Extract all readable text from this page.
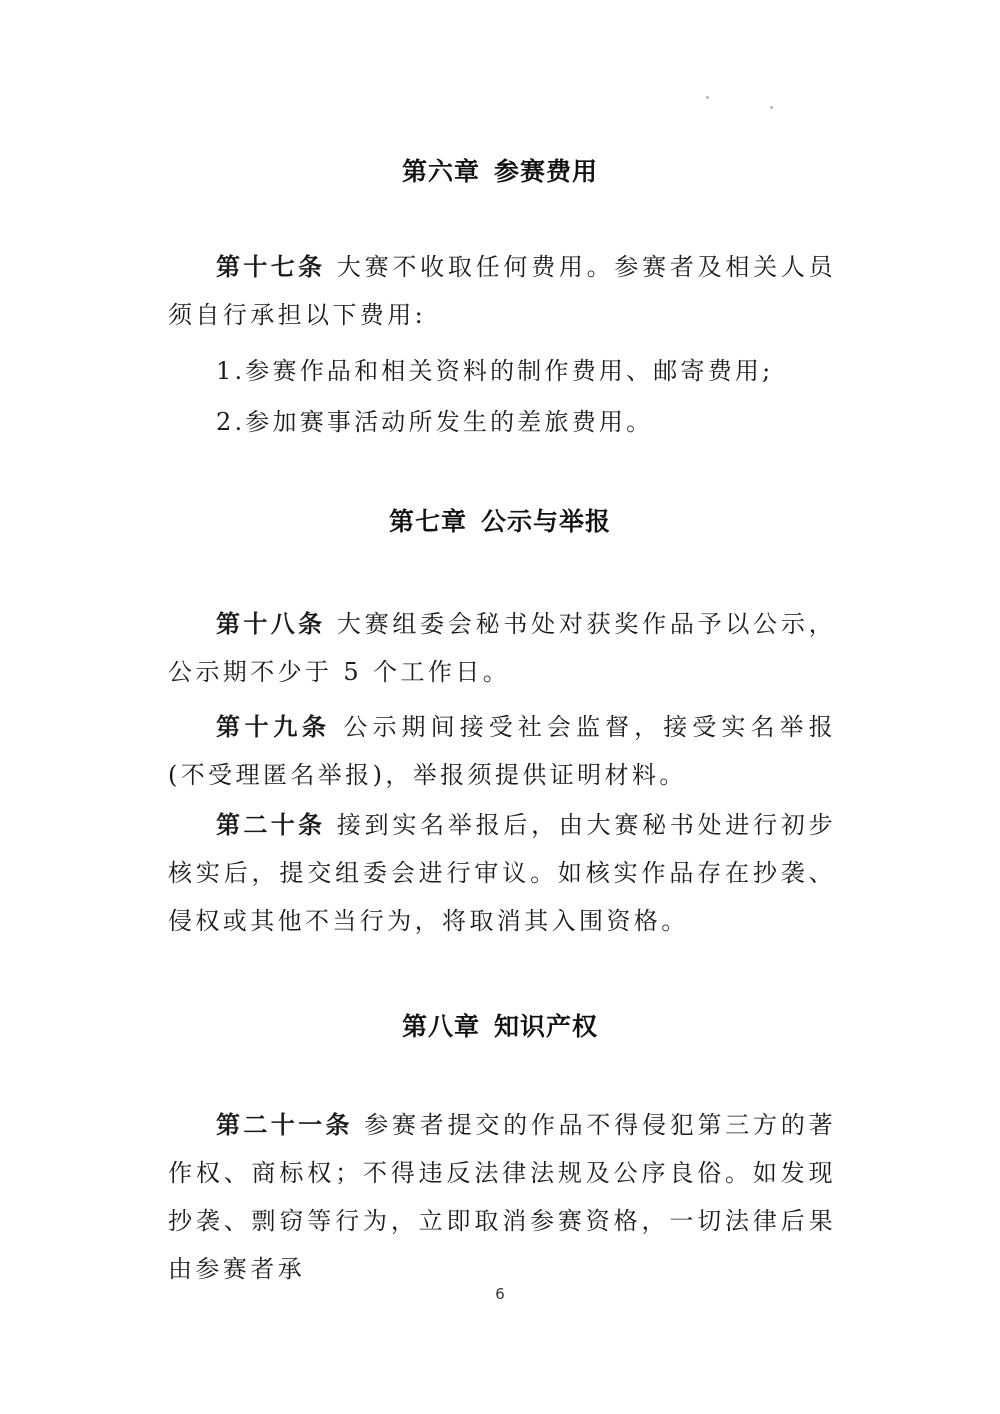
第六章 参赛费用

第十七条 大赛不收取任何费用。参赛者及相关人员须自行承担以下费用:

1.参赛作品和相关资料的制作费用、邮寄费用;

2.参加赛事活动所发生的差旅费用。

第七章 公示与举报

第十八条 大赛组委会秘书处对获奖作品予以公示，公示期不少于 5 个工作日。

第十九条 公示期间接受社会监督，接受实名举报(不受理匿名举报)，举报须提供证明材料。

第二十条 接到实名举报后，由大赛秘书处进行初步核实后，提交组委会进行审议。如核实作品存在抄袭、侵权或其他不当行为，将取消其入围资格。

第八章 知识产权

第二十一条 参赛者提交的作品不得侵犯第三方的著作权、商标权；不得违反法律法规及公序良俗。如发现抄袭、剽窃等行为，立即取消参赛资格，一切法律后果由参赛者承

6
